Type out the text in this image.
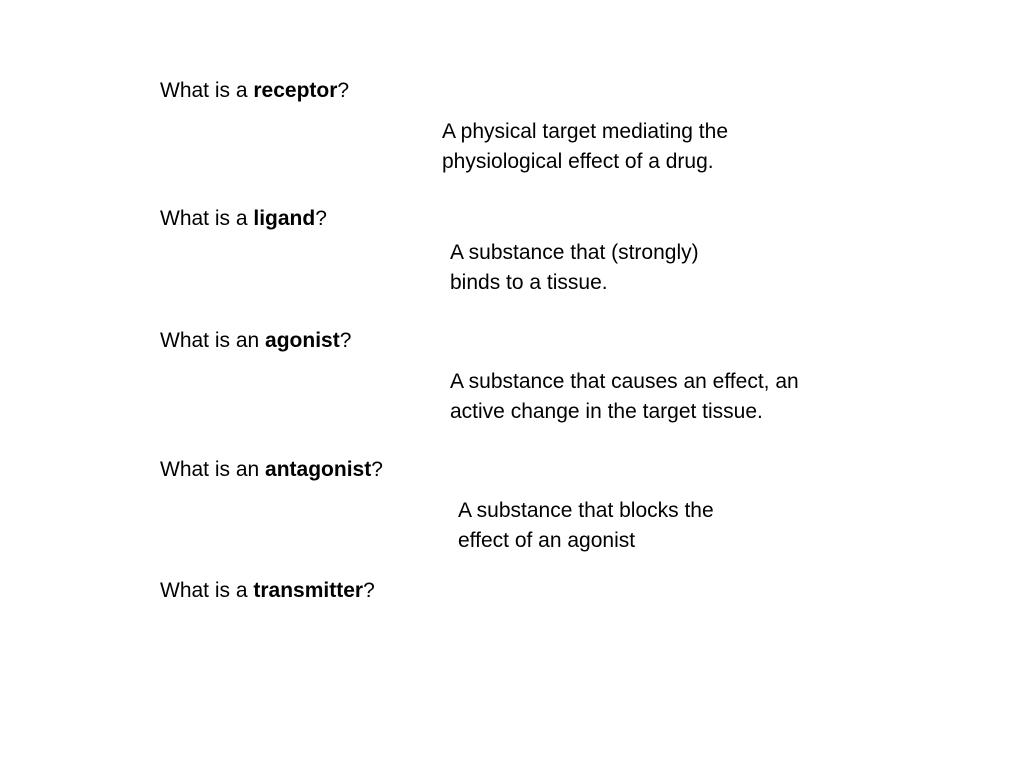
What is a receptor?
A physical target mediating the
physiological effect of a drug.
What is a ligand?
A substance that (strongly)
binds to a tissue.
What is an agonist?
A substance that causes an effect, an
active change in the target tissue.
What is an antagonist?
A substance that blocks the
effect of an agonist
What is a transmitter?
